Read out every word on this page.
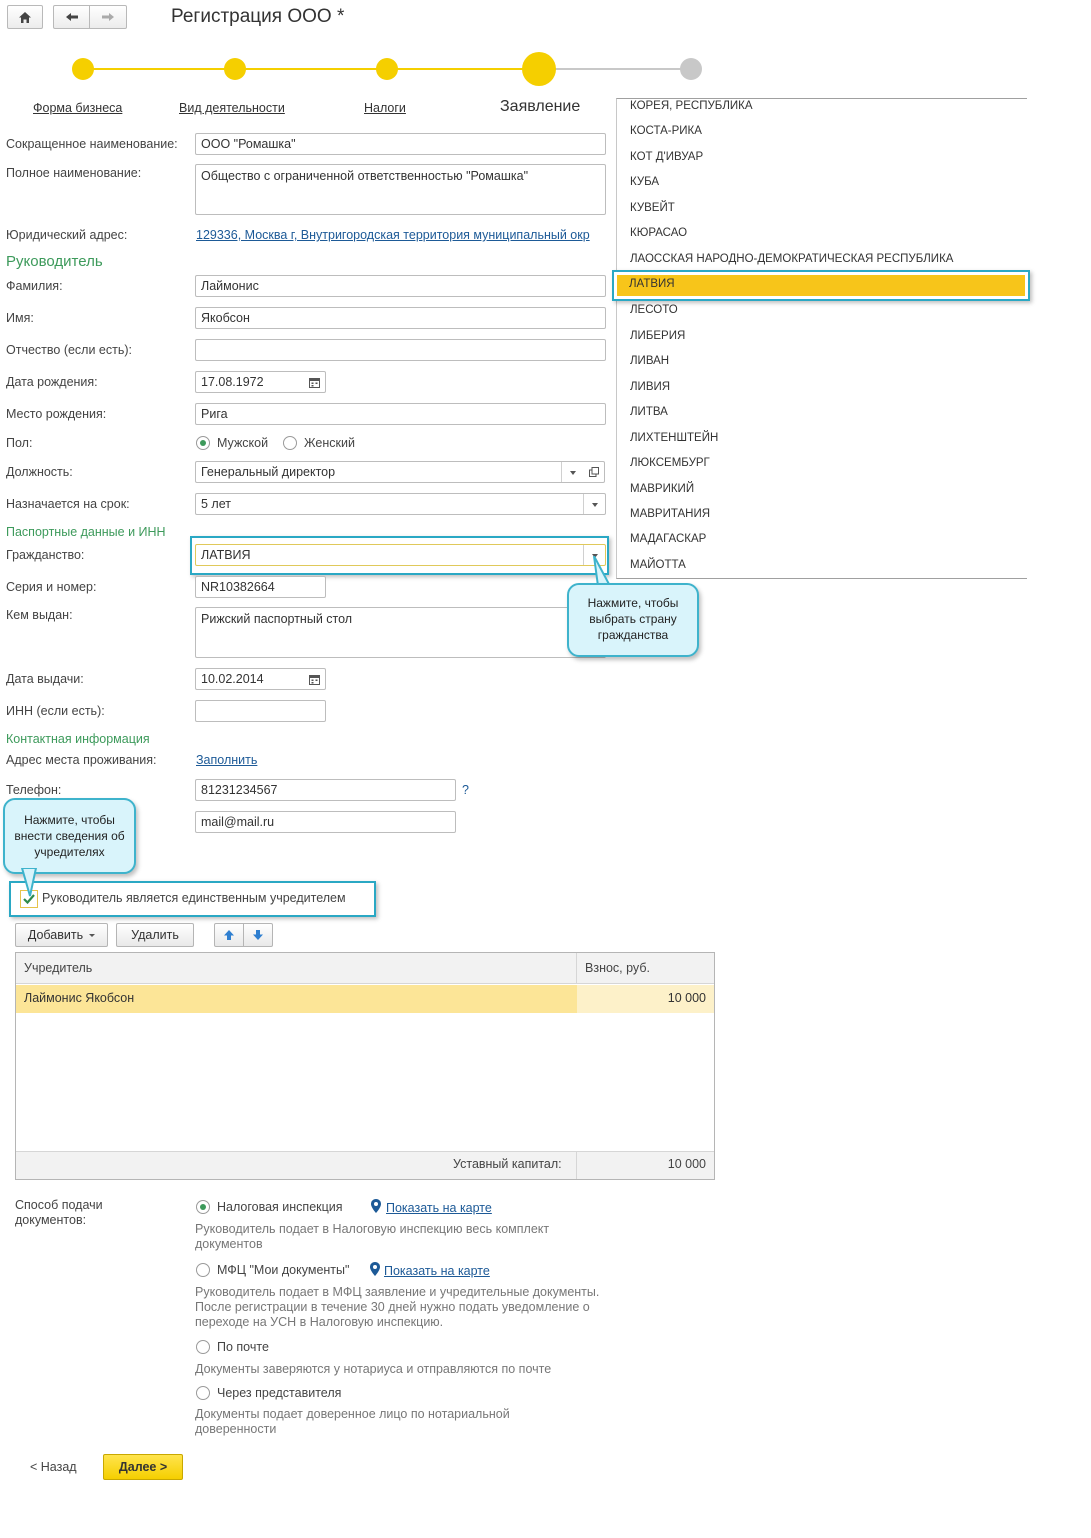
Регистрация ООО *
Форма бизнеса	Вид деятельности	Налоги	Заявление
Сокращенное наименование:	ООО "Ромашка"
Полное наименование:	Общество с ограниченной ответственностью "Ромашка"
Юридический адрес:	129336, Москва г, Внутригородская территория муниципальный окр
Руководитель
Фамилия:	Лаймонис
Имя:	Якобсон
Отчество (если есть):
Дата рождения:	17.08.1972
Место рождения:	Рига
Пол:	Мужской	Женский
Должность:	Генеральный директор
Назначается на срок:	5 лет
Паспортные данные и ИНН
Гражданство:	ЛАТВИЯ
Серия и номер:	NR10382664
Кем выдан:	Рижский паспортный стол
Дата выдачи:	10.02.2014
ИНН (если есть):
Контактная информация
Адрес места проживания:	Заполнить
Телефон:	81231234567	?
mail@mail.ru
Руководитель является единственным учредителем
Добавить	Удалить
Учредитель	Взнос, руб.
Лаймонис Якобсон	10 000
Уставный капитал:	10 000
Способ подачи документов:
Налоговая инспекция	Показать на карте
Руководитель подает в Налоговую инспекцию весь комплект документов
МФЦ "Мои документы"	Показать на карте
Руководитель подает в МФЦ заявление и учредительные документы. После регистрации в течение 30 дней нужно подать уведомление о переходе на УСН в Налоговую инспекцию.
По почте
Документы заверяются у нотариуса и отправляются по почте
Через представителя
Документы подает доверенное лицо по нотариальной доверенности
< Назад	Далее >
КОРЕЯ, РЕСПУБЛИКА
КОСТА-РИКА
КОТ Д'ИВУАР
КУБА
КУВЕЙТ
КЮРАСАО
ЛАОССКАЯ НАРОДНО-ДЕМОКРАТИЧЕСКАЯ РЕСПУБЛИКА
ЛЕСОТО
ЛИБЕРИЯ
ЛИВАН
ЛИВИЯ
ЛИТВА
ЛИХТЕНШТЕЙН
ЛЮКСЕМБУРГ
МАВРИКИЙ
МАВРИТАНИЯ
МАДАГАСКАР
МАЙОТТА
ЛАТВИЯ
Нажмите, чтобы выбрать страну гражданства
Нажмите, чтобы внести сведения об учредителях
